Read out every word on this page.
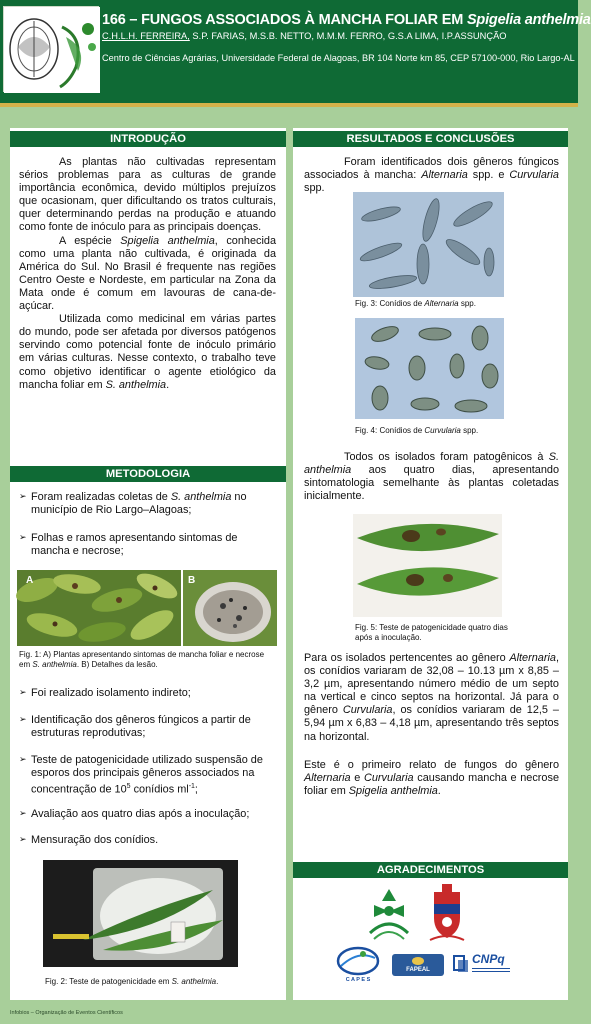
166 – FUNGOS ASSOCIADOS À MANCHA FOLIAR EM Spigelia anthelmia
C.H.L.H. FERREIRA, S.P. FARIAS, M.S.B. NETTO, M.M.M. FERRO, G.S.A LIMA, I.P.ASSUNÇÃO
Centro de Ciências Agrárias, Universidade Federal de Alagoas, BR 104 Norte km 85, CEP 57100-000, Rio Largo-AL
INTRODUÇÃO

As plantas não cultivadas representam sérios problemas para as culturas de grande importância econômica, devido múltiplos prejuízos que ocasionam, quer dificultando os tratos culturais, quer determinando perdas na produção e atuando como fonte de inóculo para as principais doenças.

A espécie Spigelia anthelmia, conhecida como uma planta não cultivada, é originada da América do Sul. No Brasil é frequente nas regiões Centro Oeste e Nordeste, em particular na Zona da Mata onde é comum em lavouras de cana-de-açúcar.

Utilizada como medicinal em várias partes do mundo, pode ser afetada por diversos patógenos servindo como potencial fonte de inóculo primário em várias culturas. Nesse contexto, o trabalho teve como objetivo identificar o agente etiológico da mancha foliar em S. anthelmia.

METODOLOGIA
➢ Foram realizadas coletas de S. anthelmia no município de Rio Largo–Alagoas;
➢ Folhas e ramos apresentando sintomas de mancha e necrose;
A	B
Fig. 1: A) Plantas apresentando sintomas de mancha foliar e necrose em S. anthelmia. B) Detalhes da lesão.
➢ Foi realizado isolamento indireto;
➢ Identificação dos gêneros fúngicos a partir de estruturas reprodutivas;
➢ Teste de patogenicidade utilizado suspensão de esporos dos principais gêneros associados na concentração de $10^5$ conídios $ml^{-1}$;
➢ Avaliação aos quatro dias após a inoculação;
➢ Mensuração dos conídios.
Fig. 2: Teste de patogenicidade em S. anthelmia.
RESULTADOS E CONCLUSÕES

Foram identificados dois gêneros fúngicos associados à mancha: Alternaria spp. e Curvularia spp.

Fig. 3: Conídios de Alternaria spp.
Fig. 4: Conídios de Curvularia spp.

Todos os isolados foram patogênicos à S. anthelmia aos quatro dias, apresentando sintomatologia semelhante às plantas coletadas inicialmente.

Fig. 5: Teste de patogenicidade quatro dias após a inoculação.

Para os isolados pertencentes ao gênero Alternaria, os conídios variaram de 32,08 – 10.13 µm x 8,85 – 3,2 µm, apresentando número médio de um septo na vertical e cinco septos na horizontal. Já para o gênero Curvularia, os conídios variaram de 12,5 – 5,94 µm x 6,83 – 4,18 µm, apresentando três septos na horizontal.

Este é o primeiro relato de fungos do gênero Alternaria e Curvularia causando mancha e necrose foliar em Spigelia anthelmia.

AGRADECIMENTOS
C A P E S
FAPEAL
CNPq
Infobios – Organização de Eventos Científicos
